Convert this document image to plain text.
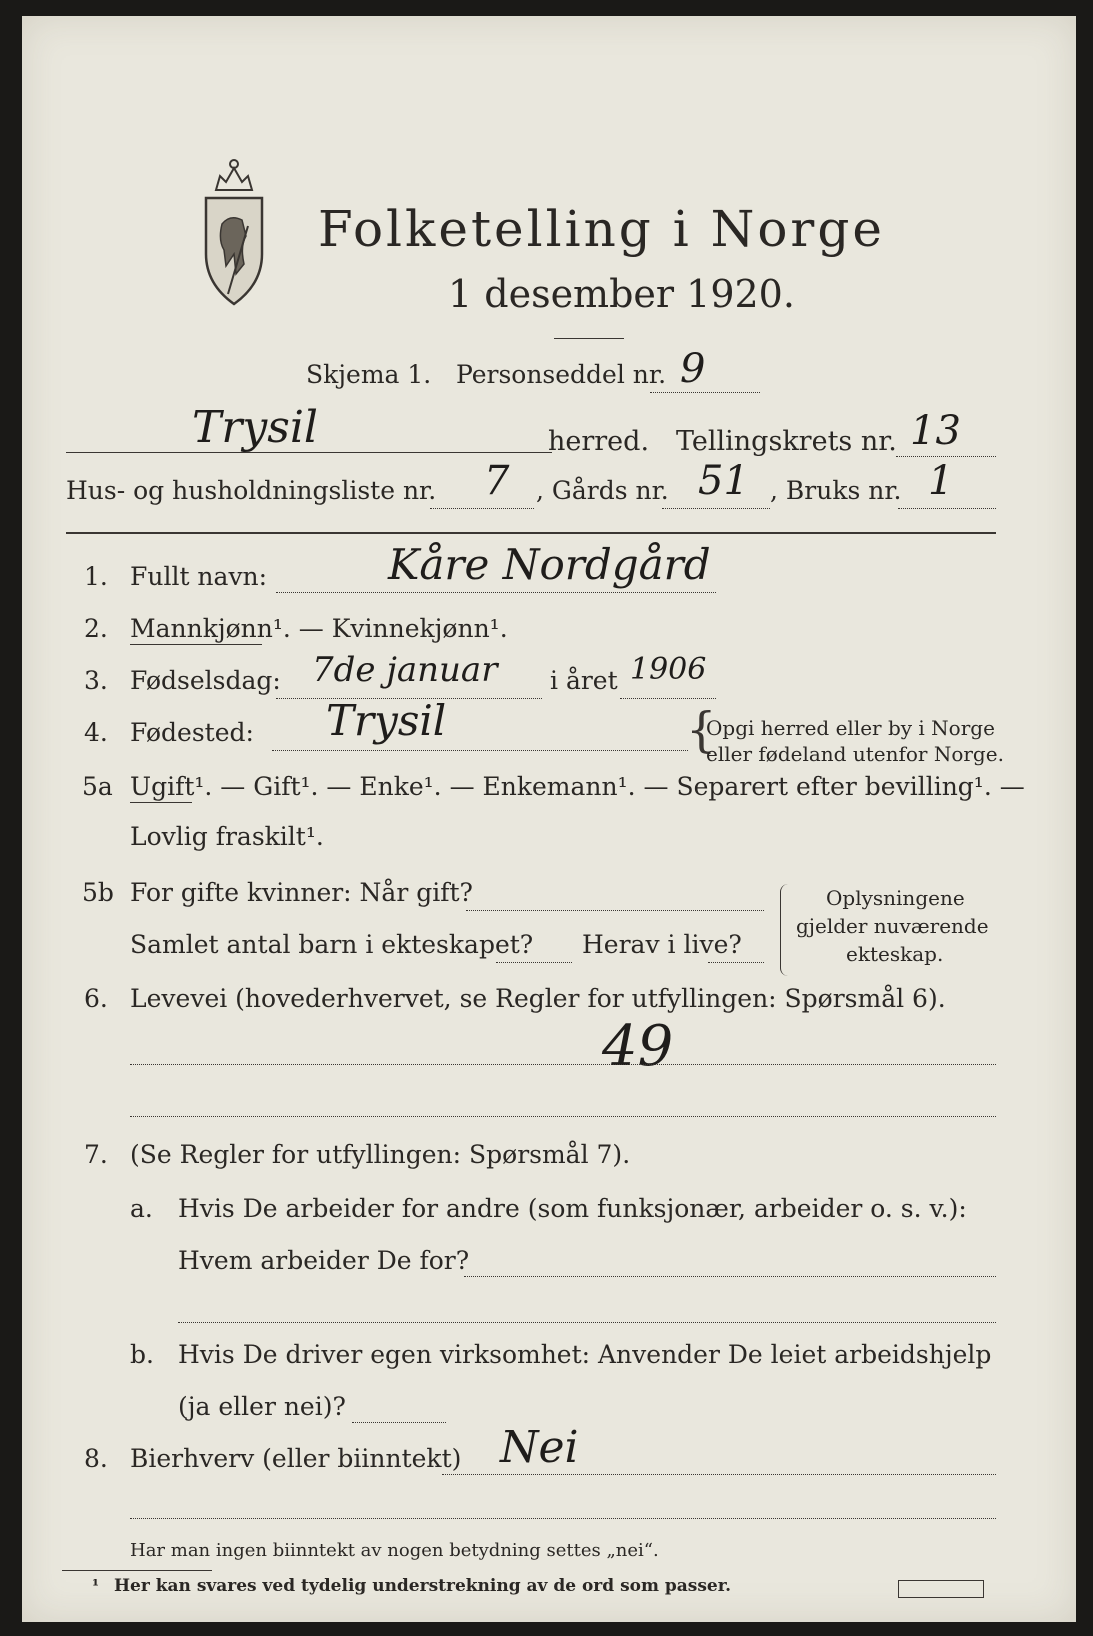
Folketelling i Norge
1 desember 1920.
Skjema 1. Personseddel nr. 9
Trysil	herred. Tellingskrets nr. 13
Hus- og husholdningsliste nr. 7 , Gårds nr. 51 , Bruks nr. 1
1. Fullt navn:	Kåre Nordgård
2. Mannkjønn¹. — Kvinnekjønn¹.
3. Fødselsdag: 7de januar i året 1906
4. Fødested: Trysil	{
Opgi herred eller by i Norge
eller fødeland utenfor Norge.
5a Ugift¹. — Gift¹. — Enke¹. — Enkemann¹. — Separert efter bevilling¹. —
Lovlig fraskilt¹.
5b For gifte kvinner: Når gift?
Samlet antal barn i ekteskapet? Herav i live?
Oplysningene
gjelder nuværende
ekteskap.
6. Levevei (hovederhvervet, se Regler for utfyllingen: Spørsmål 6).
49
7. (Se Regler for utfyllingen: Spørsmål 7).
a. Hvis De arbeider for andre (som funksjonær, arbeider o. s. v.):
Hvem arbeider De for?
b. Hvis De driver egen virksomhet: Anvender De leiet arbeidshjelp
(ja eller nei)?
8. Bierhverv (eller biinntekt) Nei
Har man ingen biinntekt av nogen betydning settes „nei“.
¹ Her kan svares ved tydelig understrekning av de ord som passer.
